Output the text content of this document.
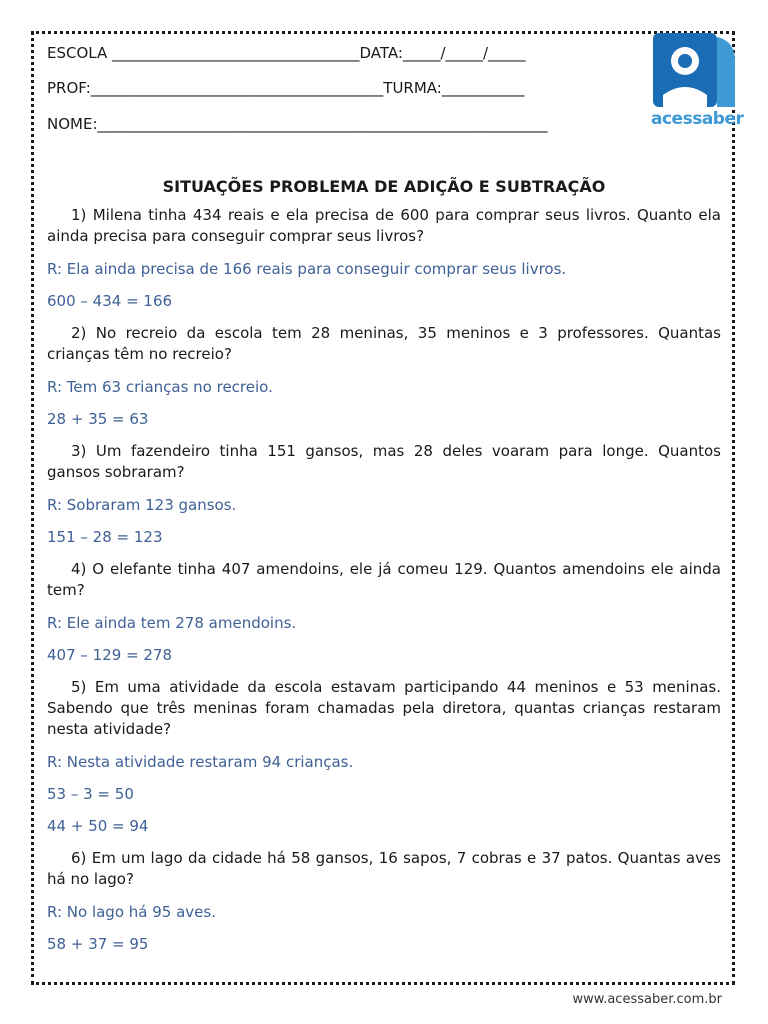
ESCOLA _________________________________DATA:_____/_____/_____
PROF:_______________________________________TURMA:___________
NOME:____________________________________________________________	acessaber
SITUAÇÕES PROBLEMA DE ADIÇÃO E SUBTRAÇÃO

1) Milena tinha 434 reais e ela precisa de 600 para comprar seus livros. Quanto ela ainda precisa para conseguir comprar seus livros?

R: Ela ainda precisa de 166 reais para conseguir comprar seus livros.

600 – 434 = 166

2) No recreio da escola tem 28 meninas, 35 meninos e 3 professores. Quantas crianças têm no recreio?

R: Tem 63 crianças no recreio.

28 + 35 = 63

3) Um fazendeiro tinha 151 gansos, mas 28 deles voaram para longe. Quantos gansos sobraram?

R: Sobraram 123 gansos.

151 – 28 = 123

4) O elefante tinha 407 amendoins, ele já comeu 129. Quantos amendoins ele ainda tem?

R: Ele ainda tem 278 amendoins.

407 – 129 = 278

5) Em uma atividade da escola estavam participando 44 meninos e 53 meninas. Sabendo que três meninas foram chamadas pela diretora, quantas crianças restaram nesta atividade?

R: Nesta atividade restaram 94 crianças.

53 – 3 = 50

44 + 50 = 94

6) Em um lago da cidade há 58 gansos, 16 sapos, 7 cobras e 37 patos. Quantas aves há no lago?

R: No lago há 95 aves.

58 + 37 = 95

www.acessaber.com.br
